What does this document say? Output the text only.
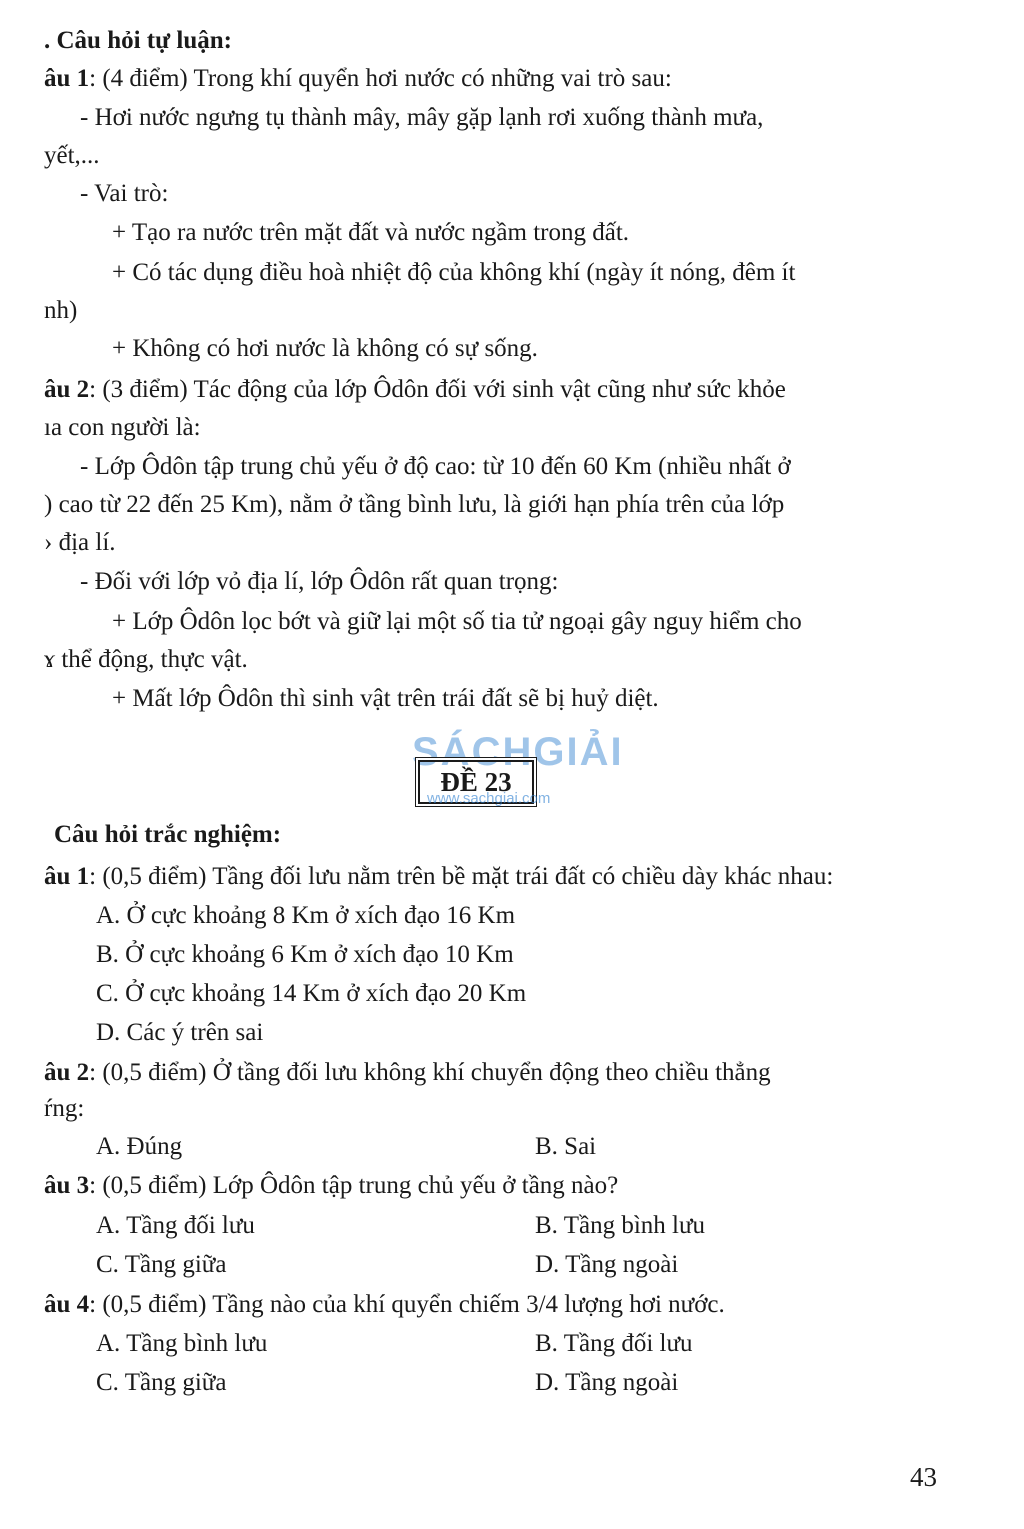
. Câu hỏi tự luận:
âu 1: (4 điểm) Trong khí quyển hơi nước có những vai trò sau:
- Hơi nước ngưng tụ thành mây, mây gặp lạnh rơi xuống thành mưa,
yết,...
- Vai trò:
+ Tạo ra nước trên mặt đất và nước ngầm trong đất.
+ Có tác dụng điều hoà nhiệt độ của không khí (ngày ít nóng, đêm ít
nh)
+ Không có hơi nước là không có sự sống.
âu 2: (3 điểm) Tác động của lớp Ôdôn đối với sinh vật cũng như sức khỏe
ıa con người là:
- Lớp Ôdôn tập trung chủ yếu ở độ cao: từ 10 đến 60 Km (nhiều nhất ở
) cao từ 22 đến 25 Km), nằm ở tầng bình lưu, là giới hạn phía trên của lớp
› địa lí.
- Đối với lớp vỏ địa lí, lớp Ôdôn rất quan trọng:
+ Lớp Ôdôn lọc bớt và giữ lại một số tia tử ngoại gây nguy hiểm cho
ɤ thể động, thực vật.
+ Mất lớp Ôdôn thì sinh vật trên trái đất sẽ bị huỷ diệt.
SÁCHGIẢI
ĐỀ 23
www.sachgiai.com
Câu hỏi trắc nghiệm:
âu 1: (0,5 điểm) Tầng đối lưu nằm trên bề mặt trái đất có chiều dày khác nhau:
A. Ở cực khoảng 8 Km ở xích đạo 16 Km
B. Ở cực khoảng 6 Km ở xích đạo 10 Km
C. Ở cực khoảng 14 Km ở xích đạo 20 Km
D. Các ý trên sai
âu 2: (0,5 điểm) Ở tầng đối lưu không khí chuyển động theo chiều thẳng
ŕng:
A. Đúng	B. Sai
âu 3: (0,5 điểm) Lớp Ôdôn tập trung chủ yếu ở tầng nào?
A. Tầng đối lưu	B. Tầng bình lưu
C. Tầng giữa	D. Tầng ngoài
âu 4: (0,5 điểm) Tầng nào của khí quyển chiếm 3/4 lượng hơi nước.
A. Tầng bình lưu	B. Tầng đối lưu
C. Tầng giữa	D. Tầng ngoài
43
